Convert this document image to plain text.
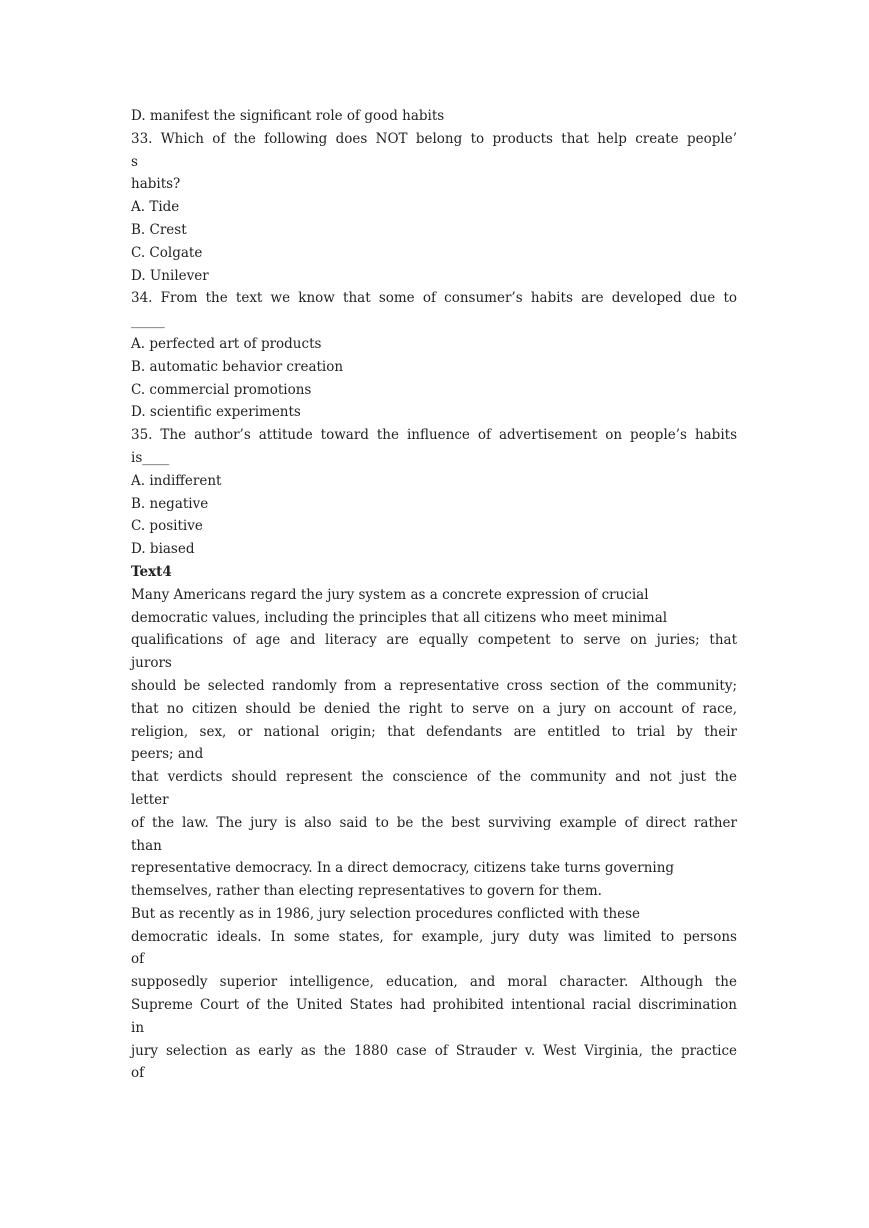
D. manifest the significant role of good habits
33. Which of the following does NOT belong to products that help create people’
s
habits?
A. Tide
B. Crest
C. Colgate
D. Unilever
34. From the text we know that some of consumer’s habits are developed due to
_____
A. perfected art of products
B. automatic behavior creation
C. commercial promotions
D. scientific experiments
35. The author’s attitude toward the influence of advertisement on people’s habits
is____
A. indifferent
B. negative
C. positive
D. biased
Text4
Many Americans regard the jury system as a concrete expression of crucial
democratic values, including the principles that all citizens who meet minimal
qualifications of age and literacy are equally competent to serve on juries; that
jurors
should be selected randomly from a representative cross section of the community;
that no citizen should be denied the right to serve on a jury on account of race,
religion, sex, or national origin; that defendants are entitled to trial by their
peers; and
that verdicts should represent the conscience of the community and not just the
letter
of the law. The jury is also said to be the best surviving example of direct rather
than
representative democracy. In a direct democracy, citizens take turns governing
themselves, rather than electing representatives to govern for them.
But as recently as in 1986, jury selection procedures conflicted with these
democratic ideals. In some states, for example, jury duty was limited to persons
of
supposedly superior intelligence, education, and moral character. Although the
Supreme Court of the United States had prohibited intentional racial discrimination
in
jury selection as early as the 1880 case of Strauder v. West Virginia, the practice
of
